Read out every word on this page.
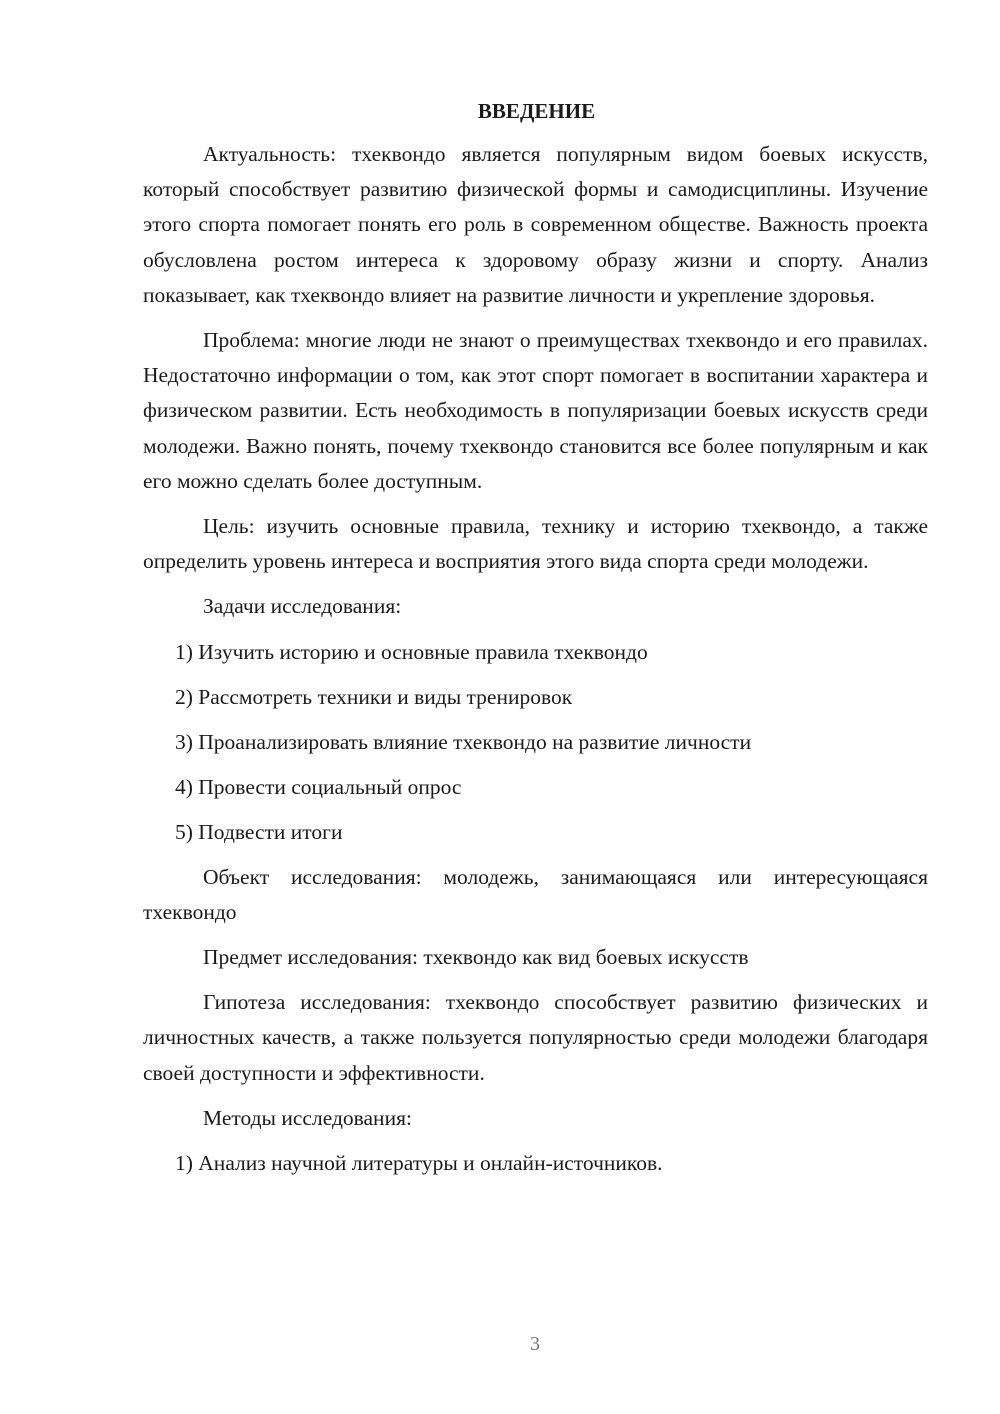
ВВЕДЕНИЕ

Актуальность: тхеквондо является популярным видом боевых искусств, который способствует развитию физической формы и самодисциплины. Изучение этого спорта помогает понять его роль в современном обществе. Важность проекта обусловлена ростом интереса к здоровому образу жизни и спорту. Анализ показывает, как тхеквондо влияет на развитие личности и укрепление здоровья.

Проблема: многие люди не знают о преимуществах тхеквондо и его правилах. Недостаточно информации о том, как этот спорт помогает в воспитании характера и физическом развитии. Есть необходимость в популяризации боевых искусств среди молодежи. Важно понять, почему тхеквондо становится все более популярным и как его можно сделать более доступным.

Цель: изучить основные правила, технику и историю тхеквондо, а также определить уровень интереса и восприятия этого вида спорта среди молодежи.

Задачи исследования:
1) Изучить историю и основные правила тхеквондо
2) Рассмотреть техники и виды тренировок
3) Проанализировать влияние тхеквондо на развитие личности
4) Провести социальный опрос
5) Подвести итоги

Объект исследования: молодежь, занимающаяся или интересующаяся тхеквондо

Предмет исследования: тхеквондо как вид боевых искусств

Гипотеза исследования: тхеквондо способствует развитию физических и личностных качеств, а также пользуется популярностью среди молодежи благодаря своей доступности и эффективности.

Методы исследования:
1) Анализ научной литературы и онлайн-источников.
3
